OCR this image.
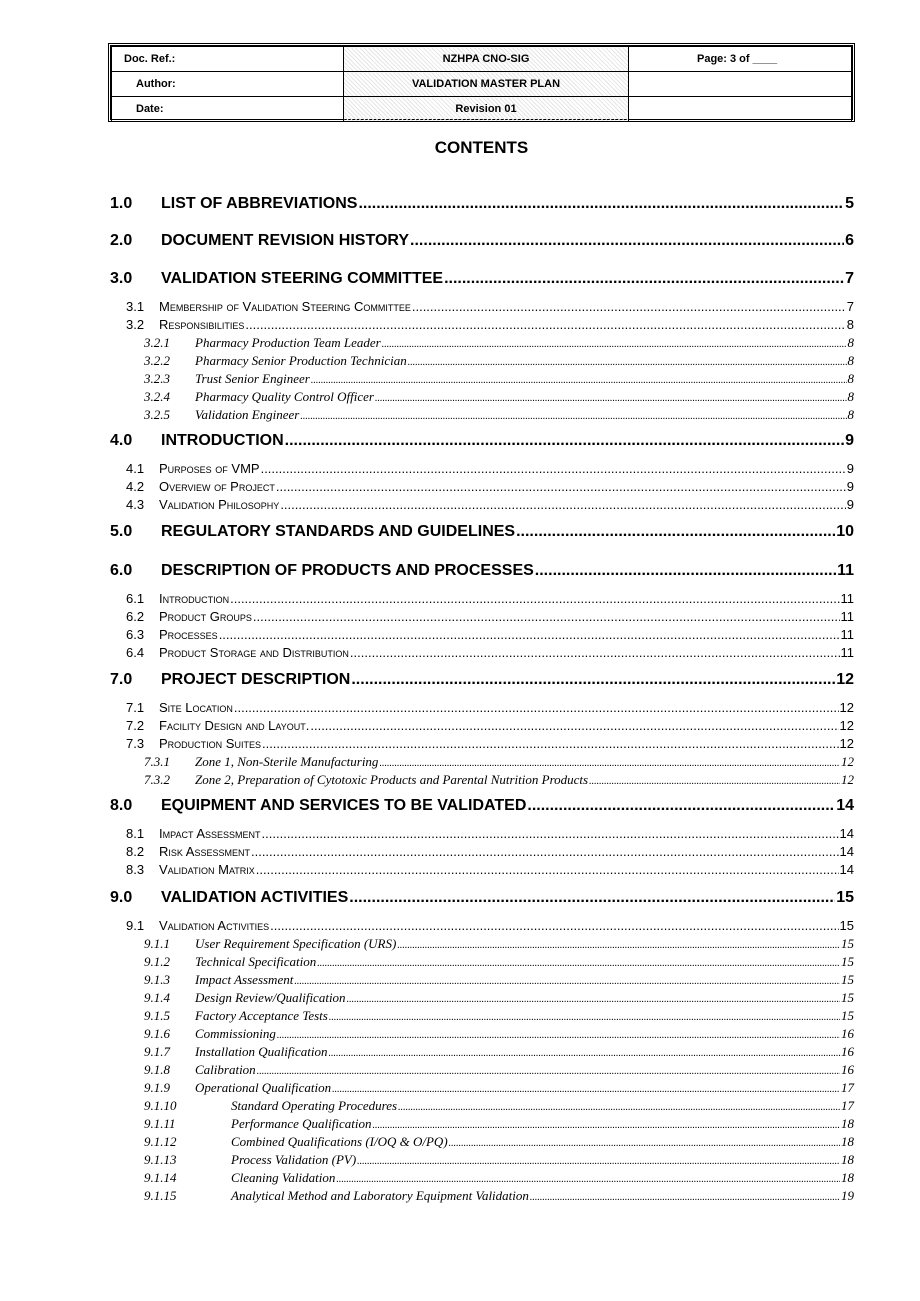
Doc. Ref.:	NZHPA CNO-SIG	Page: 3 of ____
Author:	VALIDATION MASTER PLAN	
Date:	Revision 01	
CONTENTS
1.0	LIST OF ABBREVIATIONS .....	5
2.0	DOCUMENT REVISION HISTORY .....	6
3.0	VALIDATION STEERING COMMITTEE .....	7
3.1	Membership of Validation Steering Committee .....	7
3.2	Responsibilities .....	8
3.2.1	Pharmacy Production Team Leader .....	8
3.2.2	Pharmacy Senior Production Technician .....	8
3.2.3	Trust Senior Engineer .....	8
3.2.4	Pharmacy Quality Control Officer .....	8
3.2.5	Validation Engineer .....	8
4.0	INTRODUCTION .....	9
4.1	Purposes of VMP .....	9
4.2	Overview of Project .....	9
4.3	Validation Philosophy .....	9
5.0	REGULATORY STANDARDS AND GUIDELINES .....	10
6.0	DESCRIPTION OF PRODUCTS AND PROCESSES .....	11
6.1	Introduction .....	11
6.2	Product Groups .....	11
6.3	Processes .....	11
6.4	Product Storage and Distribution .....	11
7.0	PROJECT DESCRIPTION .....	12
7.1	Site Location .....	12
7.2	Facility Design and Layout. .....	12
7.3	Production Suites .....	12
7.3.1	Zone 1, Non-Sterile Manufacturing .....	12
7.3.2	Zone 2, Preparation of Cytotoxic Products and Parental Nutrition Products .....	12
8.0	EQUIPMENT AND SERVICES TO BE VALIDATED .....	14
8.1	Impact Assessment .....	14
8.2	Risk Assessment .....	14
8.3	Validation Matrix .....	14
9.0	VALIDATION ACTIVITIES .....	15
9.1	Validation Activities .....	15
9.1.1	User Requirement Specification (URS) .....	15
9.1.2	Technical Specification .....	15
9.1.3	Impact Assessment .....	15
9.1.4	Design Review/Qualification .....	15
9.1.5	Factory Acceptance Tests .....	15
9.1.6	Commissioning .....	16
9.1.7	Installation Qualification .....	16
9.1.8	Calibration .....	16
9.1.9	Operational Qualification .....	17
9.1.10	Standard Operating Procedures .....	17
9.1.11	Performance Qualification .....	18
9.1.12	Combined Qualifications (I/OQ & O/PQ) .....	18
9.1.13	Process Validation (PV) .....	18
9.1.14	Cleaning Validation .....	18
9.1.15	Analytical Method and Laboratory Equipment Validation .....	19
